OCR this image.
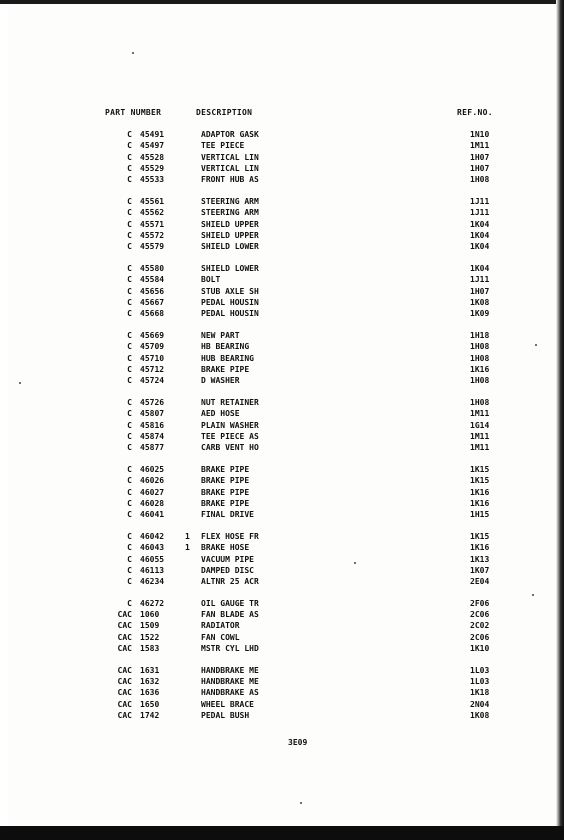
PART NUMBER	DESCRIPTION	REF.NO.
C 45491	ADAPTOR GASK	1N10
C 45497	TEE PIECE	1M11
C 45528	VERTICAL LIN	1H07
C 45529	VERTICAL LIN	1H07
C 45533	FRONT HUB AS	1H08
C 45561	STEERING ARM	1J11
C 45562	STEERING ARM	1J11
C 45571	SHIELD UPPER	1K04
C 45572	SHIELD UPPER	1K04
C 45579	SHIELD LOWER	1K04
C 45580	SHIELD LOWER	1K04
C 45584	BOLT	1J11
C 45656	STUB AXLE SH	1H07
C 45667	PEDAL HOUSIN	1K08
C 45668	PEDAL HOUSIN	1K09
C 45669	NEW PART	1H18
C 45709	HB BEARING	1H08
C 45710	HUB BEARING	1H08
C 45712	BRAKE PIPE	1K16
C 45724	D WASHER	1H08
C 45726	NUT RETAINER	1H08
C 45807	AED HOSE	1M11
C 45816	PLAIN WASHER	1G14
C 45874	TEE PIECE AS	1M11
C 45877	CARB VENT HO	1M11
C 46025	BRAKE PIPE	1K15
C 46026	BRAKE PIPE	1K15
C 46027	BRAKE PIPE	1K16
C 46028	BRAKE PIPE	1K16
C 46041	FINAL DRIVE	1H15
C 46042	1 FLEX HOSE FR	1K15
C 46043	1 BRAKE HOSE	1K16
C 46055	VACUUM PIPE	1K13
C 46113	DAMPED DISC	1K07
C 46234	ALTNR 25 ACR	2E04
C 46272	OIL GAUGE TR	2F06
CAC 1060	FAN BLADE AS	2C06
CAC 1509	RADIATOR	2C02
CAC 1522	FAN COWL	2C06
CAC 1583	MSTR CYL LHD	1K10
CAC 1631	HANDBRAKE ME	1L03
CAC 1632	HANDBRAKE ME	1L03
CAC 1636	HANDBRAKE AS	1K18
CAC 1650	WHEEL BRACE	2N04
CAC 1742	PEDAL BUSH	1K08
3E09
